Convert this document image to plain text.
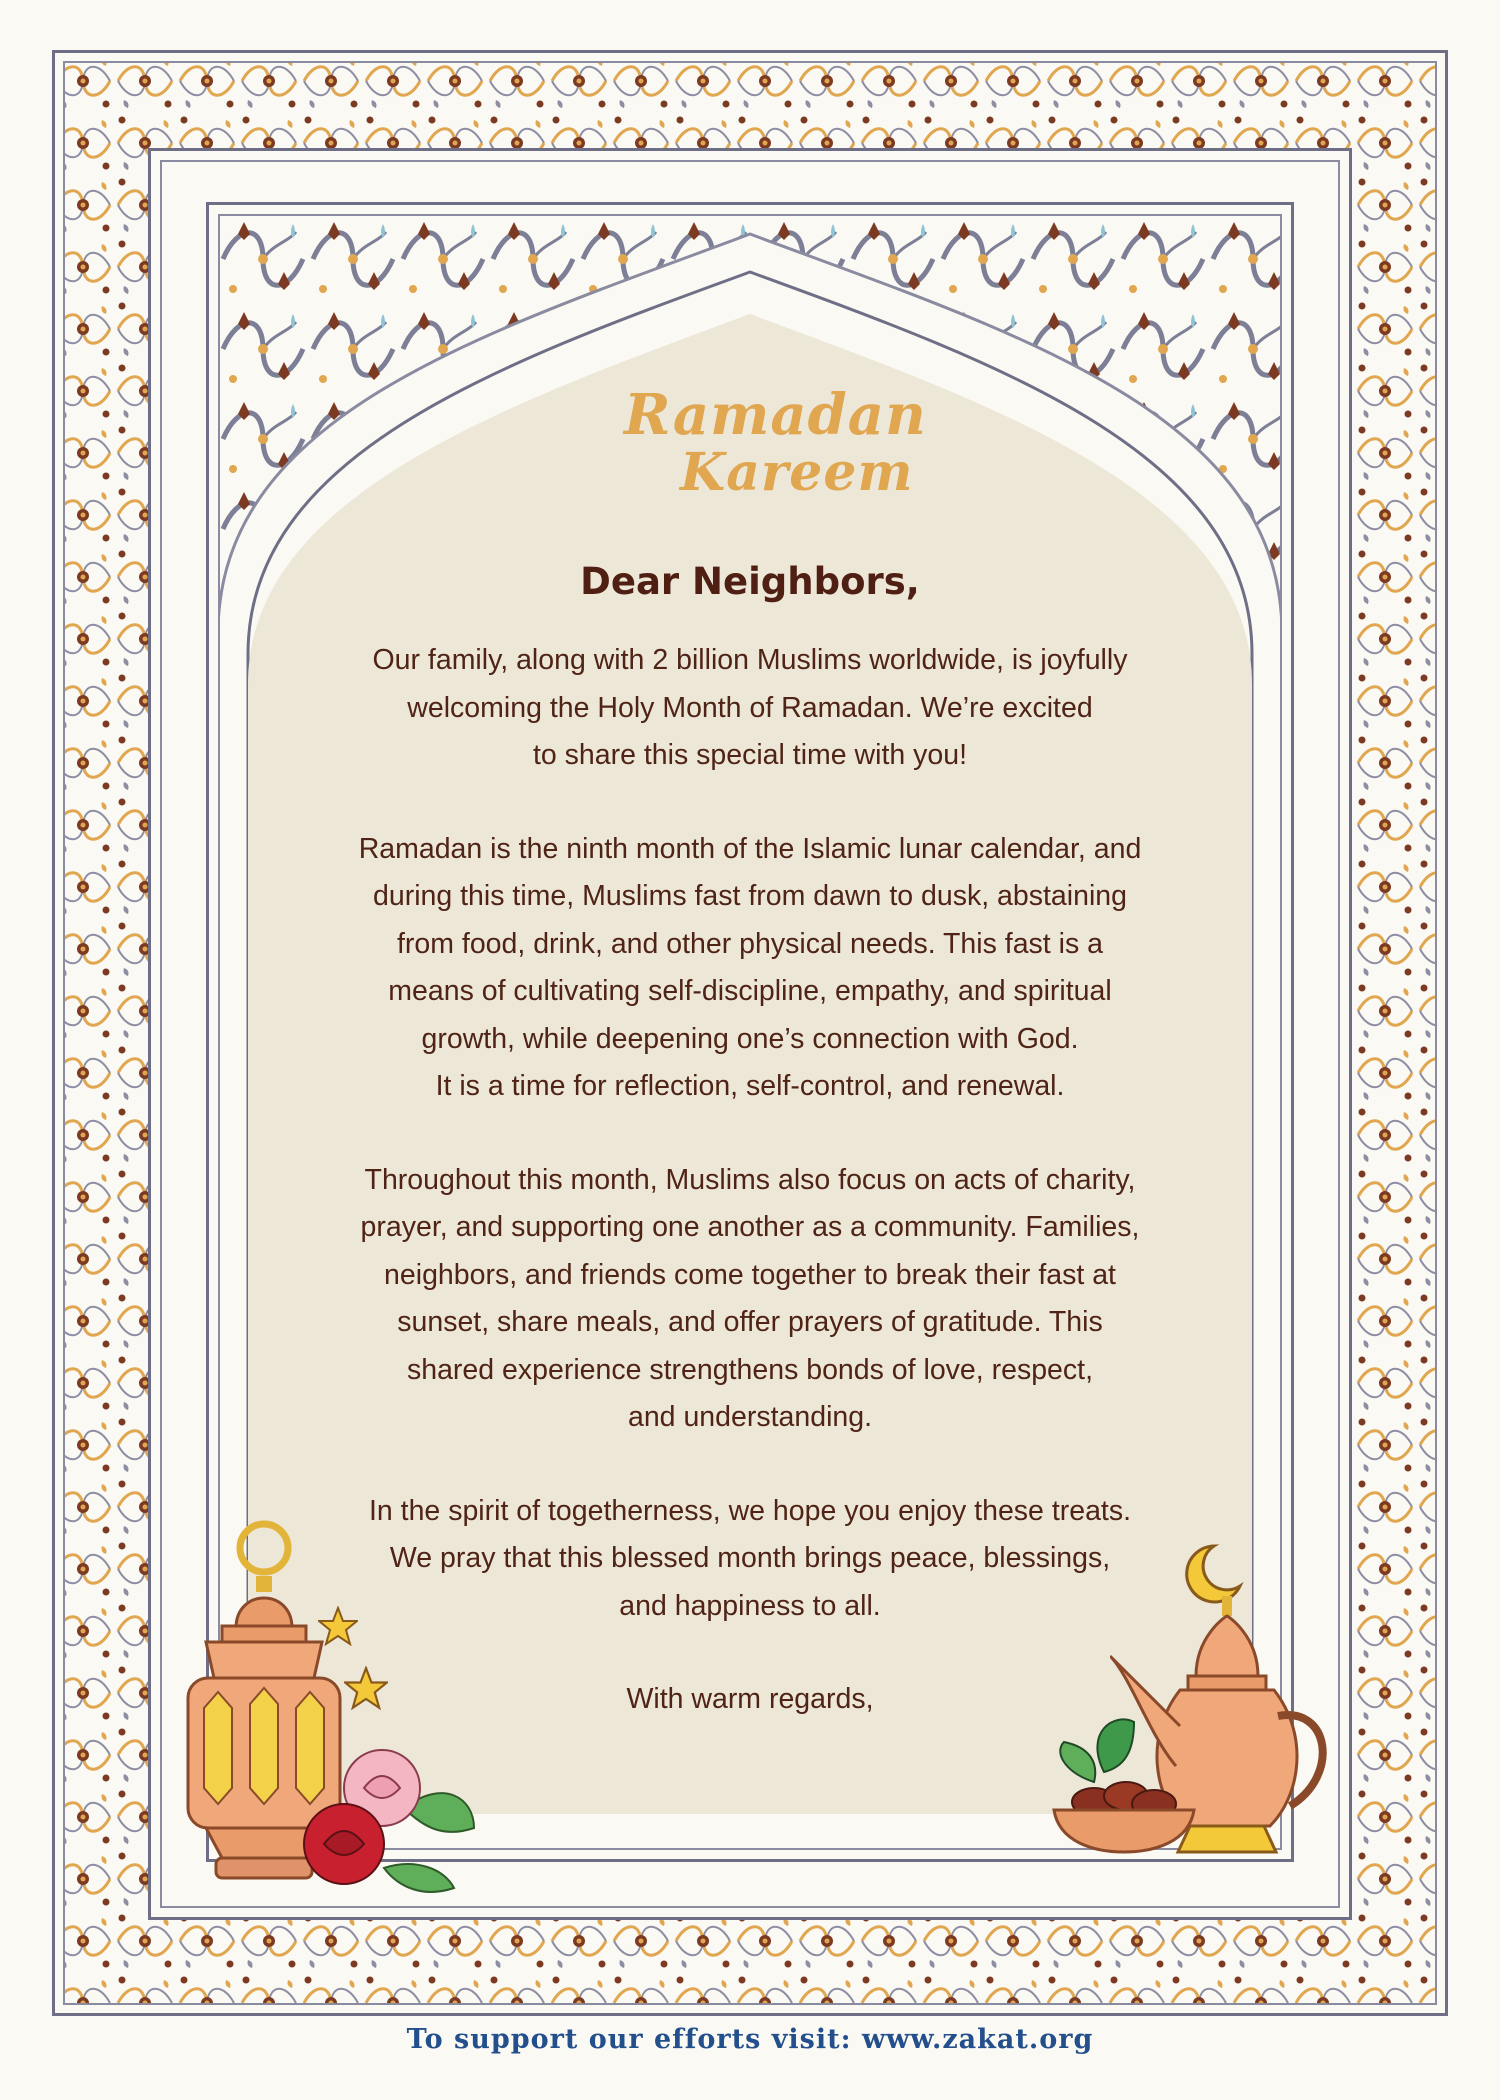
Ramadan
Kareem
Dear Neighbors,

Our family, along with 2 billion Muslims worldwide, is joyfully
welcoming the Holy Month of Ramadan. We’re excited
to share this special time with you!

Ramadan is the ninth month of the Islamic lunar calendar, and
during this time, Muslims fast from dawn to dusk, abstaining
from food, drink, and other physical needs. This fast is a
means of cultivating self-discipline, empathy, and spiritual
growth, while deepening one’s connection with God.
It is a time for reflection, self-control, and renewal.

Throughout this month, Muslims also focus on acts of charity,
prayer, and supporting one another as a community. Families,
neighbors, and friends come together to break their fast at
sunset, share meals, and offer prayers of gratitude. This
shared experience strengthens bonds of love, respect,
and understanding.

In the spirit of togetherness, we hope you enjoy these treats.
We pray that this blessed month brings peace, blessings,
and happiness to all.

With warm regards,
To support our efforts visit: www.zakat.org
